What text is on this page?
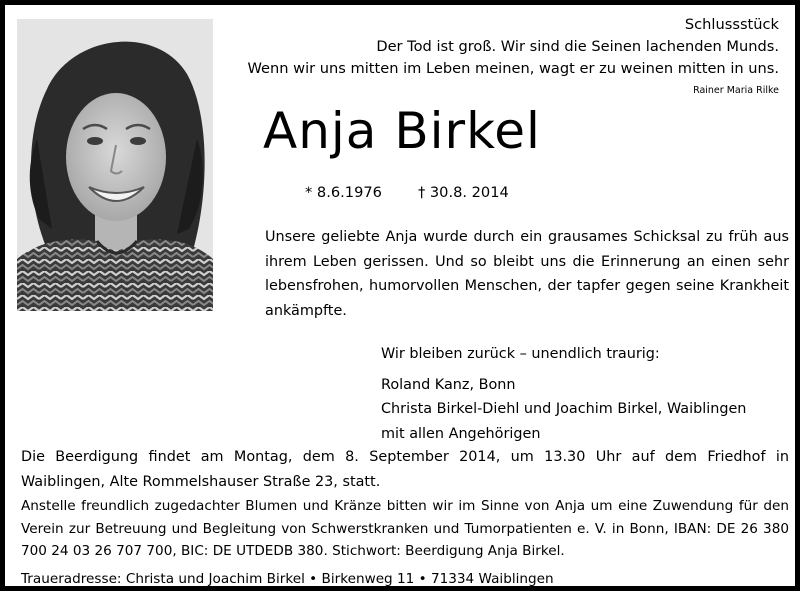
Schlussstück
Der Tod ist groß. Wir sind die Seinen lachenden Munds.
Wenn wir uns mitten im Leben meinen, wagt er zu weinen mitten in uns.
Rainer Maria Rilke
Anja Birkel
* 8.6.1976 † 30.8. 2014
Unsere geliebte Anja wurde durch ein grausames Schicksal zu früh aus ihrem Leben gerissen. Und so bleibt uns die Erinnerung an einen sehr lebensfrohen, humorvollen Menschen, der tapfer gegen seine Krankheit ankämpfte.
Wir bleiben zurück – unendlich traurig:
Roland Kanz, Bonn
Christa Birkel-Diehl und Joachim Birkel, Waiblingen
mit allen Angehörigen
Die Beerdigung findet am Montag, dem 8. September 2014, um 13.30 Uhr auf dem Friedhof in Waiblingen, Alte Rommelshauser Straße 23, statt.
Anstelle freundlich zugedachter Blumen und Kränze bitten wir im Sinne von Anja um eine Zuwendung für den Verein zur Betreuung und Begleitung von Schwerstkranken und Tumorpatienten e. V. in Bonn, IBAN: DE 26 380 700 24 03 26 707 700, BIC: DE UTDEDB 380. Stichwort: Beerdigung Anja Birkel.
Traueradresse: Christa und Joachim Birkel • Birkenweg 11 • 71334 Waiblingen
